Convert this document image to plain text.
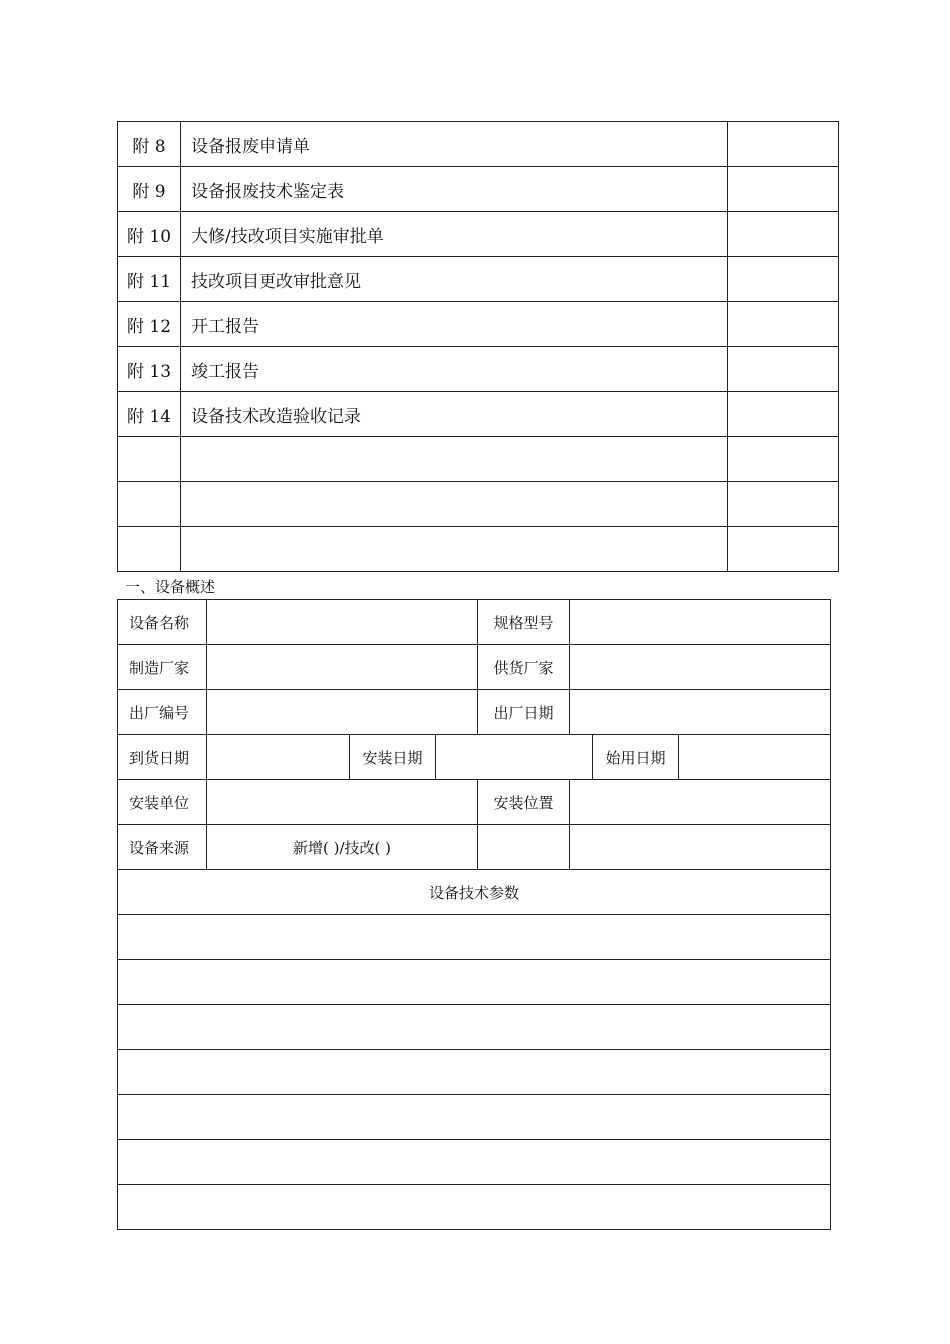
附 8	设备报废申请单	
附 9	设备报废技术鉴定表	
附 10	大修/技改项目实施审批单	
附 11	技改项目更改审批意见	
附 12	开工报告	
附 13	竣工报告	
附 14	设备技术改造验收记录	

一、设备概述
设备名称				规格型号			
制造厂家				供货厂家			
出厂编号				出厂日期			
到货日期		安装日期				始用日期	
安装单位				安装位置			
设备来源	新增( )/技改( )						
设备技术参数							
